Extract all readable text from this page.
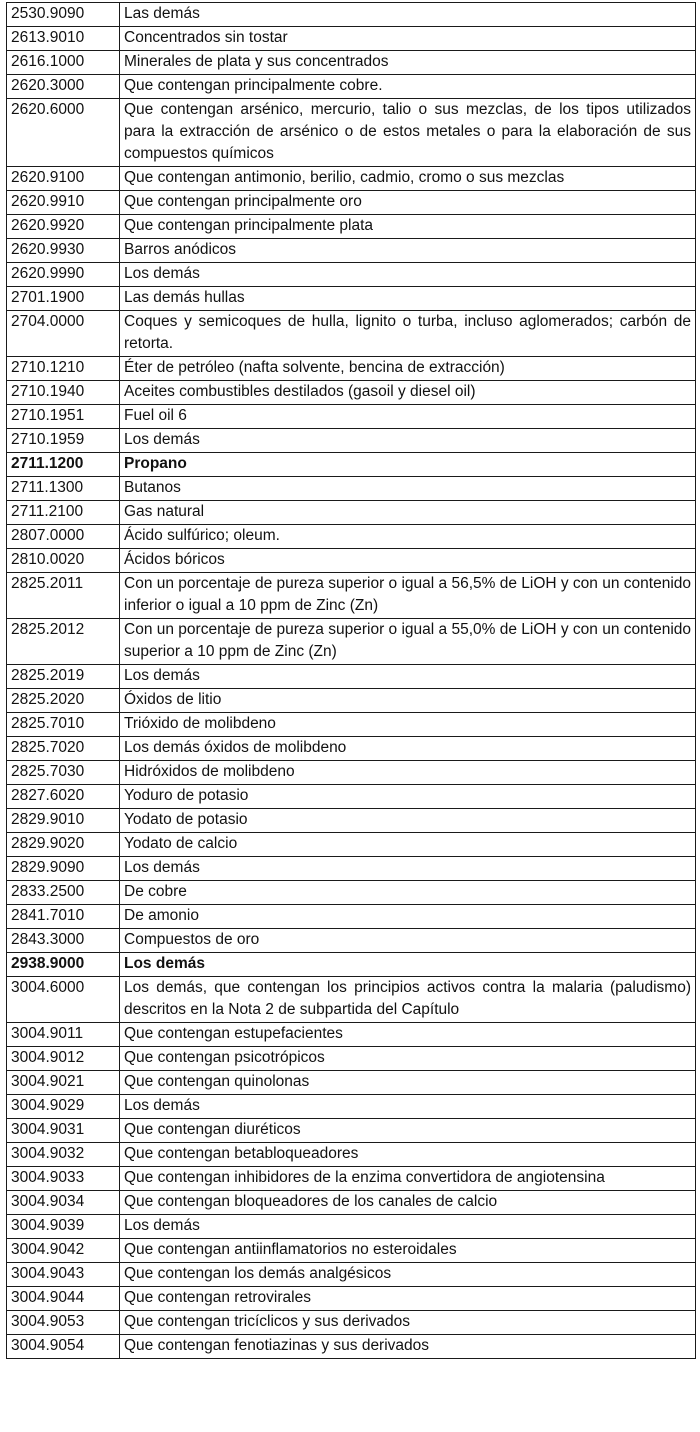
2530.9090	Las demás
2613.9010	Concentrados sin tostar
2616.1000	Minerales de plata y sus concentrados
2620.3000	Que contengan principalmente cobre.
2620.6000	Que contengan arsénico, mercurio, talio o sus mezclas, de los tipos utilizados para la extracción de arsénico o de estos metales o para la elaboración de sus compuestos químicos
2620.9100	Que contengan antimonio, berilio, cadmio, cromo o sus mezclas
2620.9910	Que contengan principalmente oro
2620.9920	Que contengan principalmente plata
2620.9930	Barros anódicos
2620.9990	Los demás
2701.1900	Las demás hullas
2704.0000	Coques y semicoques de hulla, lignito o turba, incluso aglomerados; carbón de retorta.
2710.1210	Éter de petróleo (nafta solvente, bencina de extracción)
2710.1940	Aceites combustibles destilados (gasoil y diesel oil)
2710.1951	Fuel oil 6
2710.1959	Los demás
2711.1200	Propano
2711.1300	Butanos
2711.2100	Gas natural
2807.0000	Ácido sulfúrico; oleum.
2810.0020	Ácidos bóricos
2825.2011	Con un porcentaje de pureza superior o igual a 56,5% de LiOH y con un contenido inferior o igual a 10 ppm de Zinc (Zn)
2825.2012	Con un porcentaje de pureza superior o igual a 55,0% de LiOH y con un contenido superior a 10 ppm de Zinc (Zn)
2825.2019	Los demás
2825.2020	Óxidos de litio
2825.7010	Trióxido de molibdeno
2825.7020	Los demás óxidos de molibdeno
2825.7030	Hidróxidos de molibdeno
2827.6020	Yoduro de potasio
2829.9010	Yodato de potasio
2829.9020	Yodato de calcio
2829.9090	Los demás
2833.2500	De cobre
2841.7010	De amonio
2843.3000	Compuestos de oro
2938.9000	Los demás
3004.6000	Los demás, que contengan los principios activos contra la malaria (paludismo) descritos en la Nota 2 de subpartida del Capítulo
3004.9011	Que contengan estupefacientes
3004.9012	Que contengan psicotrópicos
3004.9021	Que contengan quinolonas
3004.9029	Los demás
3004.9031	Que contengan diuréticos
3004.9032	Que contengan betabloqueadores
3004.9033	Que contengan inhibidores de la enzima convertidora de angiotensina
3004.9034	Que contengan bloqueadores de los canales de calcio
3004.9039	Los demás
3004.9042	Que contengan antiinflamatorios no esteroidales
3004.9043	Que contengan los demás analgésicos
3004.9044	Que contengan retrovirales
3004.9053	Que contengan tricíclicos y sus derivados
3004.9054	Que contengan fenotiazinas y sus derivados
